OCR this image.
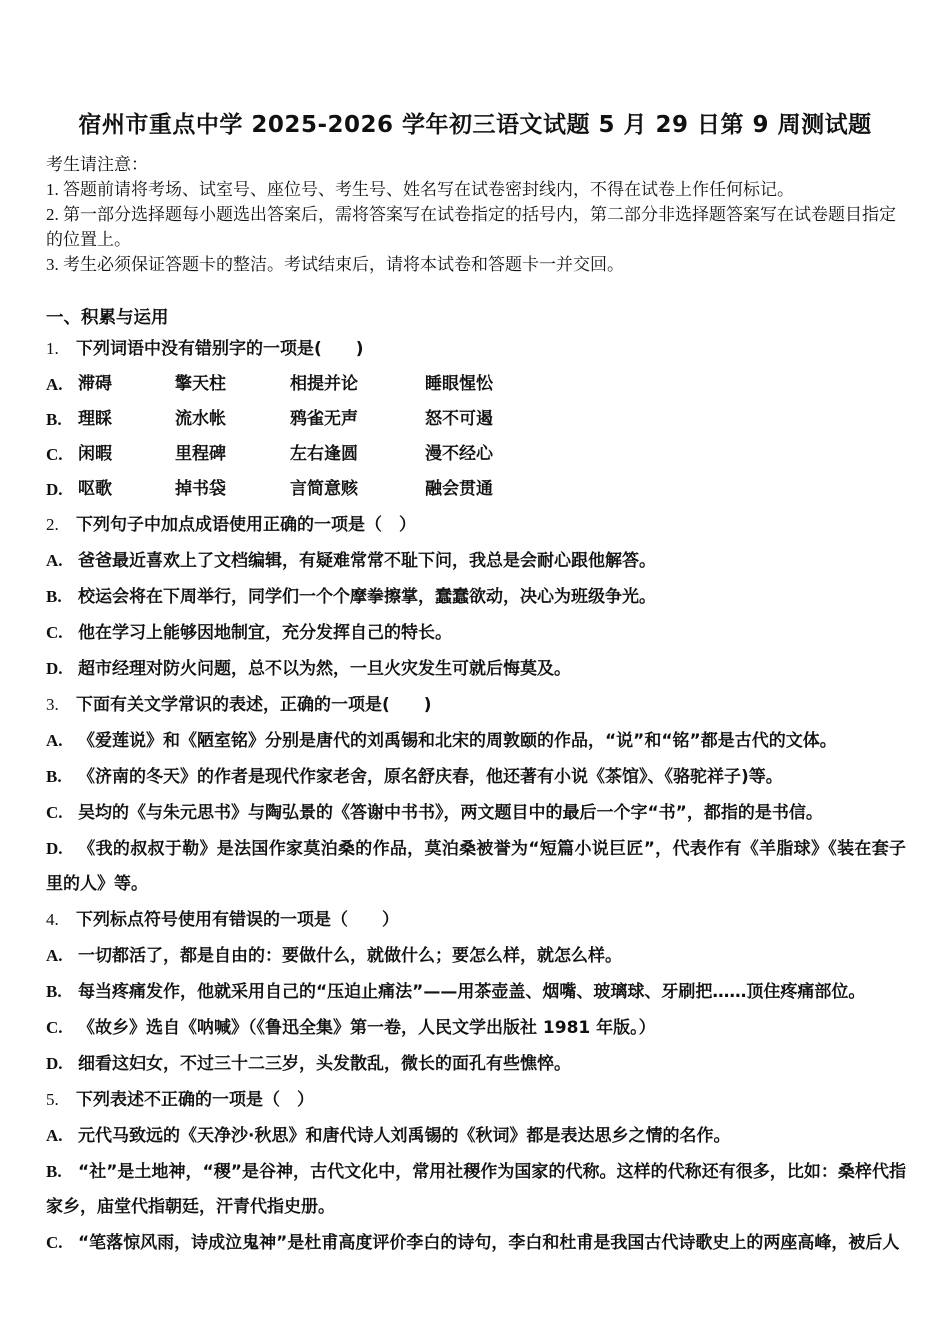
宿州市重点中学 2025-2026 学年初三语文试题 5 月 29 日第 9 周测试题
考生请注意：
1. 答题前请将考场、试室号、座位号、考生号、姓名写在试卷密封线内，不得在试卷上作任何标记。
2. 第一部分选择题每小题选出答案后，需将答案写在试卷指定的括号内，第二部分非选择题答案写在试卷题目指定的位置上。
3. 考生必须保证答题卡的整洁。考试结束后，请将本试卷和答题卡一并交回。
一、积累与运用
1. 下列词语中没有错别字的一项是(　　)
A. 滞碍	擎天柱	相提并论	睡眼惺忪
B. 理睬	流水帐	鸦雀无声	怒不可遏
C. 闲暇	里程碑	左右逢圆	漫不经心
D. 呕歌	掉书袋	言简意赅	融会贯通
2. 下列句子中加点成语使用正确的一项是（　）
A. 爸爸最近喜欢上了文档编辑，有疑难常常不耻下问，我总是会耐心跟他解答。
B. 校运会将在下周举行，同学们一个个摩拳擦掌，蠢蠢欲动，决心为班级争光。
C. 他在学习上能够因地制宜，充分发挥自己的特长。
D. 超市经理对防火问题，总不以为然，一旦火灾发生可就后悔莫及。
3. 下面有关文学常识的表述，正确的一项是(　　)
A. 《爱莲说》和《陋室铭》分别是唐代的刘禹锡和北宋的周敦颐的作品，“说”和“铭”都是古代的文体。
B. 《济南的冬天》的作者是现代作家老舍，原名舒庆春，他还著有小说《茶馆》、《骆驼祥子)等。
C. 吴均的《与朱元思书》与陶弘景的《答谢中书书》，两文题目中的最后一个字“书”，都指的是书信。
D. 《我的叔叔于勒》是法国作家莫泊桑的作品，莫泊桑被誉为“短篇小说巨匠”，代表作有《羊脂球》《装在套子里的人》等。
4. 下列标点符号使用有错误的一项是（　　）
A. 一切都活了，都是自由的：要做什么，就做什么；要怎么样，就怎么样。
B. 每当疼痛发作，他就采用自己的“压迫止痛法”——用茶壶盖、烟嘴、玻璃球、牙刷把……顶住疼痛部位。
C. 《故乡》选自《呐喊》（《鲁迅全集》第一卷，人民文学出版社 1981 年版。）
D. 细看这妇女，不过三十二三岁，头发散乱，微长的面孔有些憔悴。
5. 下列表述不正确的一项是（　）
A. 元代马致远的《天净沙·秋思》和唐代诗人刘禹锡的《秋词》都是表达思乡之情的名作。
B. “社”是土地神，“稷”是谷神，古代文化中，常用社稷作为国家的代称。这样的代称还有很多，比如：桑梓代指家乡，庙堂代指朝廷，汗青代指史册。
C. “笔落惊风雨，诗成泣鬼神”是杜甫高度评价李白的诗句，李白和杜甫是我国古代诗歌史上的两座高峰，被后人
